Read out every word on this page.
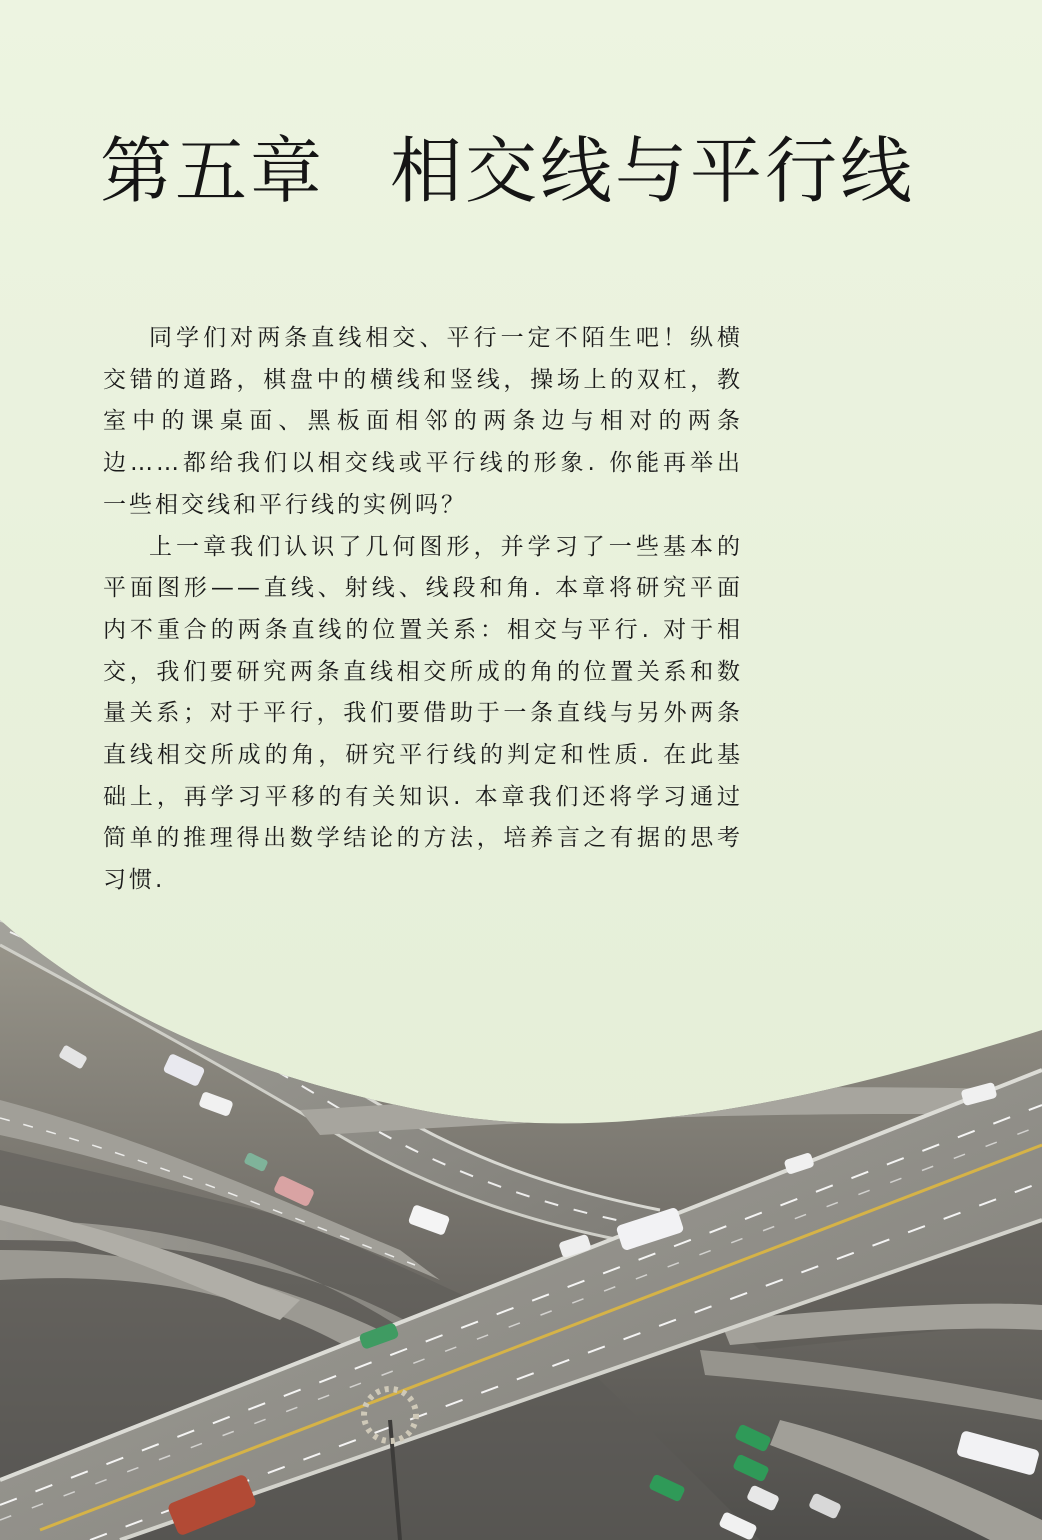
第五章 相交线与平行线

同学们对两条直线相交、平行一定不陌生吧！纵横交错的道路，棋盘中的横线和竖线，操场上的双杠，教室中的课桌面、黑板面相邻的两条边与相对的两条边……都给我们以相交线或平行线的形象. 你能再举出一些相交线和平行线的实例吗？

上一章我们认识了几何图形，并学习了一些基本的平面图形——直线、射线、线段和角. 本章将研究平面内不重合的两条直线的位置关系：相交与平行. 对于相交，我们要研究两条直线相交所成的角的位置关系和数量关系；对于平行，我们要借助于一条直线与另外两条直线相交所成的角，研究平行线的判定和性质. 在此基础上，再学习平移的有关知识. 本章我们还将学习通过简单的推理得出数学结论的方法，培养言之有据的思考习惯.
